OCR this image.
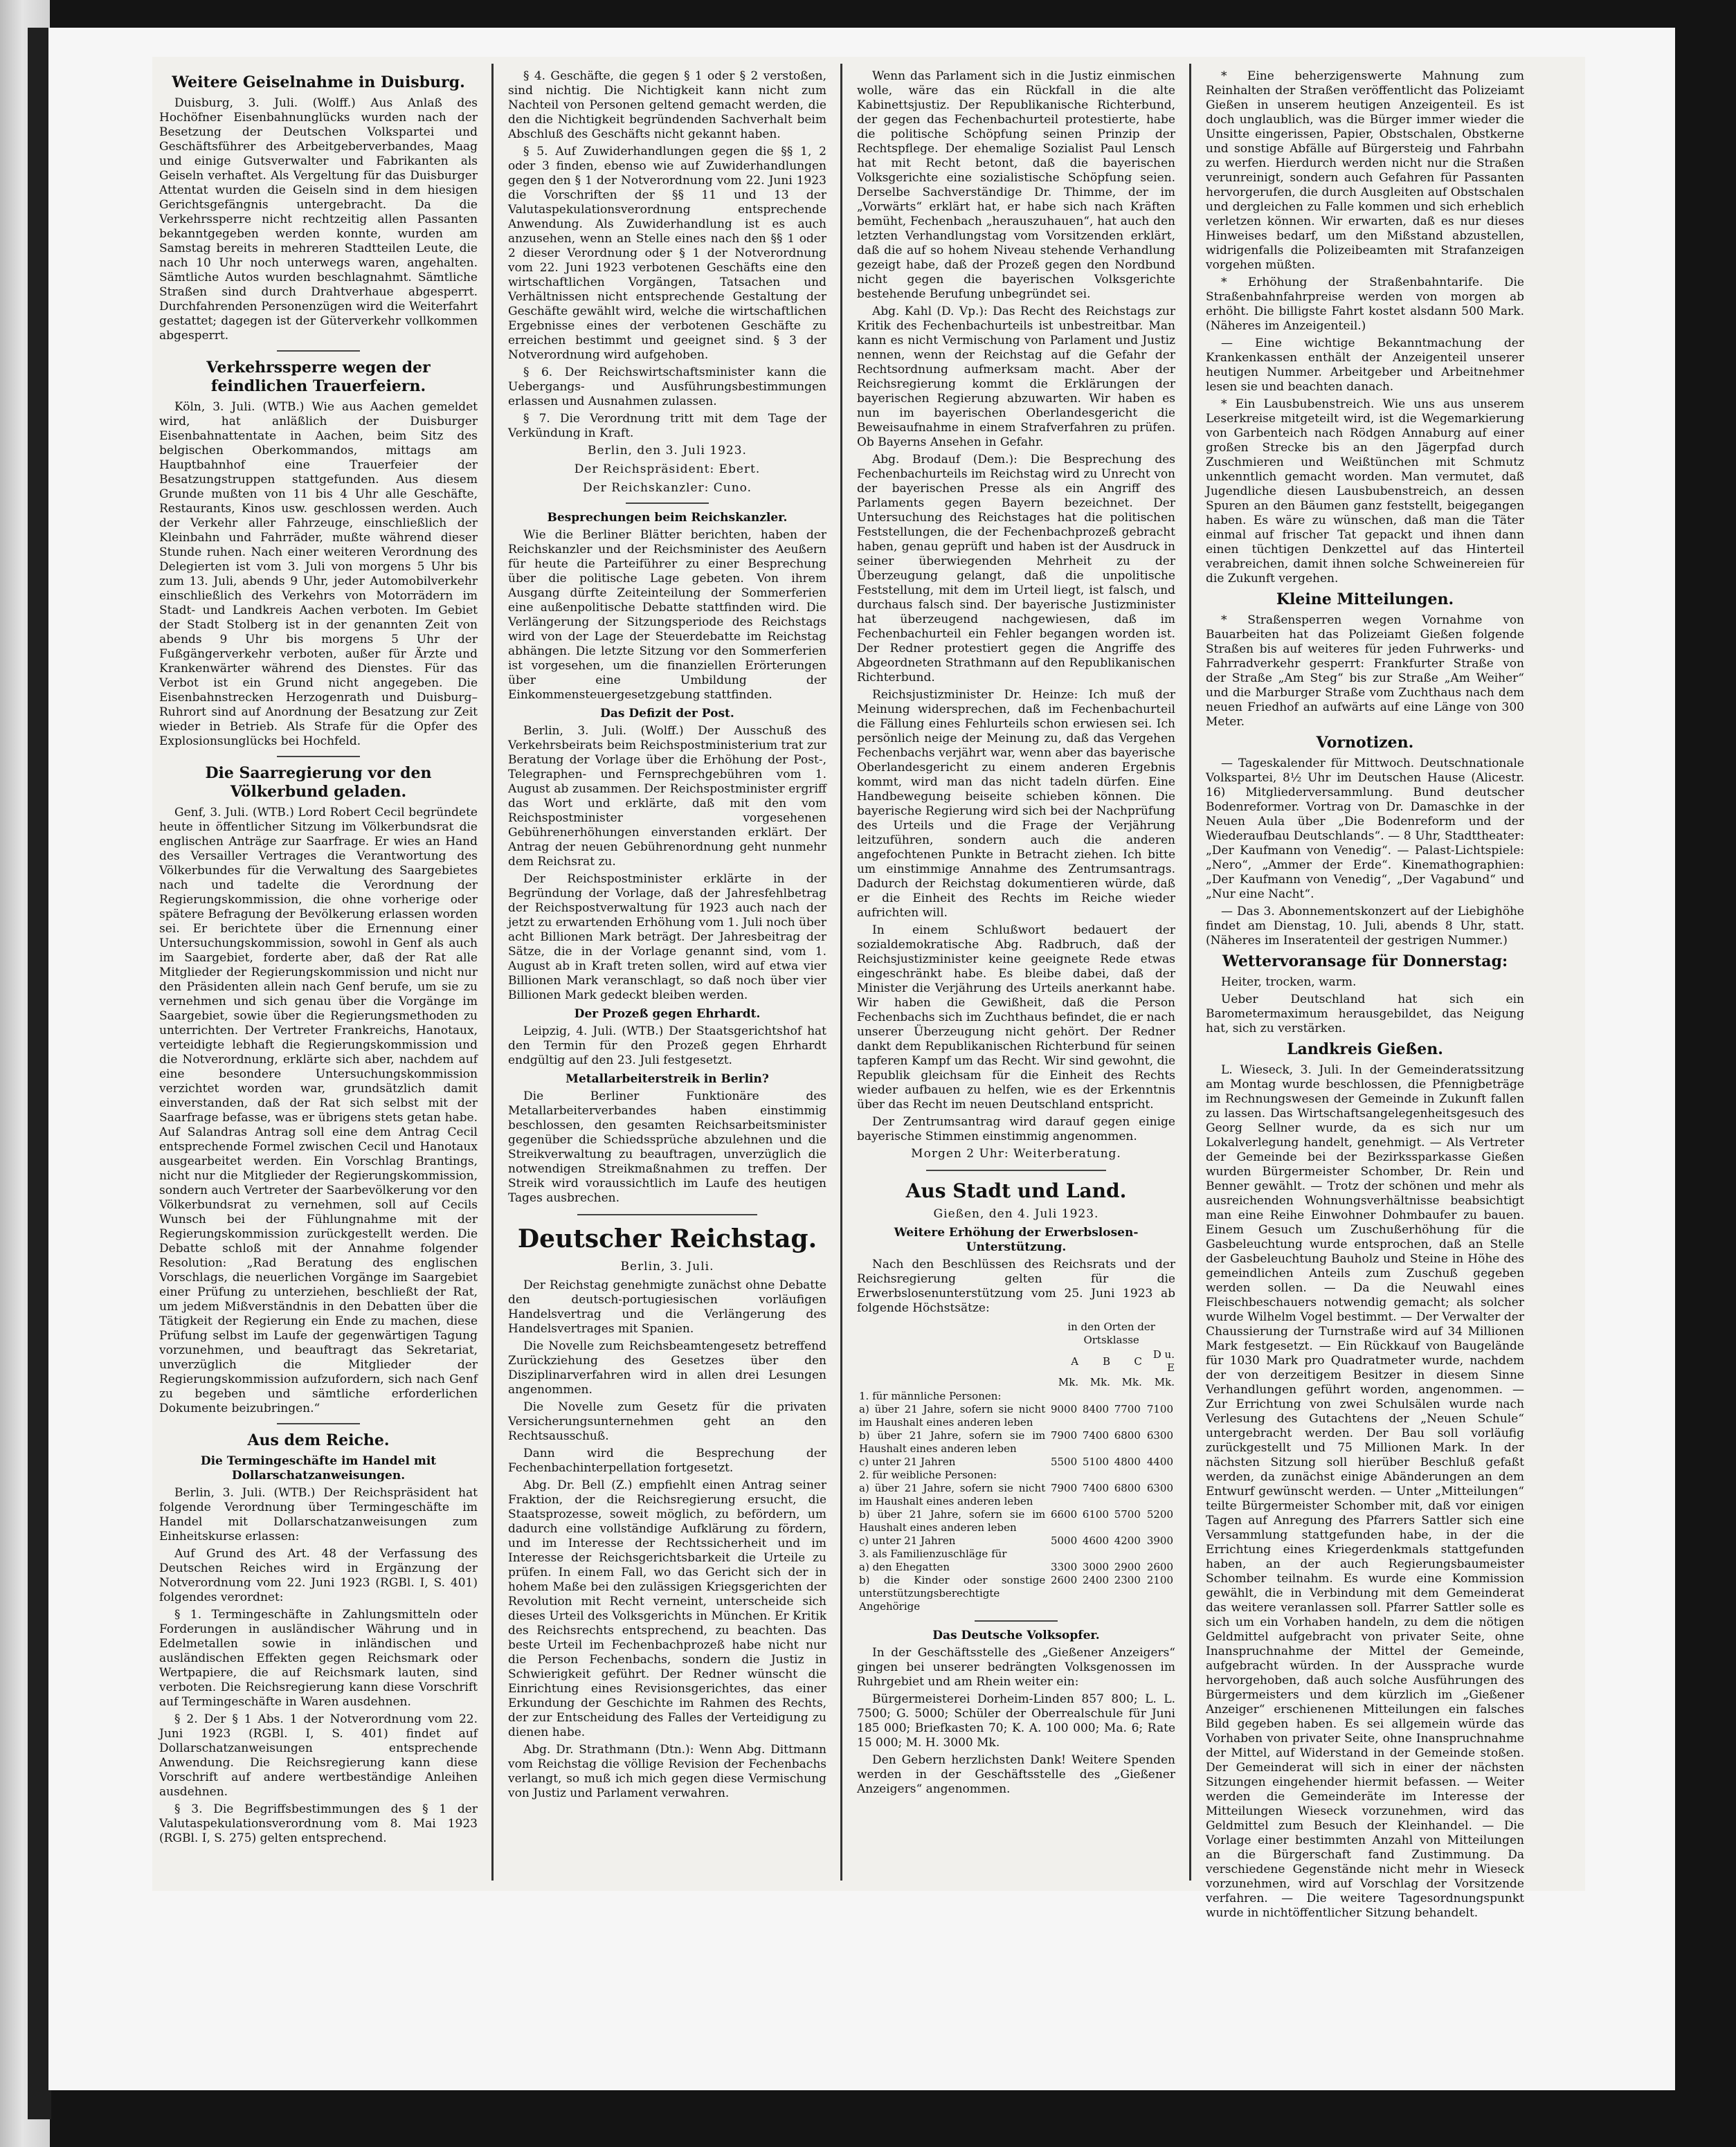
Weitere Geiselnahme in Duisburg.

Duisburg, 3. Juli. (Wolff.) Aus Anlaß des Hochöfner Eisenbahnunglücks wurden nach der Besetzung der Deutschen Volkspartei und Geschäftsführer des Arbeitgeberverbandes, Maag und einige Gutsverwalter und Fabrikanten als Geiseln verhaftet. Als Vergeltung für das Duisburger Attentat wurden die Geiseln sind in dem hiesigen Gerichtsgefängnis untergebracht. Da die Verkehrssperre nicht rechtzeitig allen Passanten bekanntgegeben werden konnte, wurden am Samstag bereits in mehreren Stadtteilen Leute, die nach 10 Uhr noch unterwegs waren, angehalten. Sämtliche Autos wurden beschlagnahmt. Sämtliche Straßen sind durch Drahtverhaue abgesperrt. Durchfahrenden Personenzügen wird die Weiterfahrt gestattet; dagegen ist der Güterverkehr vollkommen abgesperrt.

Verkehrssperre wegen der feindlichen Trauerfeiern.

Köln, 3. Juli. (WTB.) Wie aus Aachen gemeldet wird, hat anläßlich der Duisburger Eisenbahnattentate in Aachen, beim Sitz des belgischen Oberkommandos, mittags am Hauptbahnhof eine Trauerfeier der Besatzungstruppen stattgefunden. Aus diesem Grunde mußten von 11 bis 4 Uhr alle Geschäfte, Restaurants, Kinos usw. geschlossen werden. Auch der Verkehr aller Fahrzeuge, einschließlich der Kleinbahn und Fahrräder, mußte während dieser Stunde ruhen. Nach einer weiteren Verordnung des Delegierten ist vom 3. Juli von morgens 5 Uhr bis zum 13. Juli, abends 9 Uhr, jeder Automobilverkehr einschließlich des Verkehrs von Motorrädern im Stadt- und Landkreis Aachen verboten. Im Gebiet der Stadt Stolberg ist in der genannten Zeit von abends 9 Uhr bis morgens 5 Uhr der Fußgängerverkehr verboten, außer für Ärzte und Krankenwärter während des Dienstes. Für das Verbot ist ein Grund nicht angegeben. Die Eisenbahnstrecken Herzogenrath und Duisburg–Ruhrort sind auf Anordnung der Besatzung zur Zeit wieder in Betrieb. Als Strafe für die Opfer des Explosionsunglücks bei Hochfeld.

Die Saarregierung vor den Völkerbund geladen.

Genf, 3. Juli. (WTB.) Lord Robert Cecil begründete heute in öffentlicher Sitzung im Völkerbundsrat die englischen Anträge zur Saarfrage. Er wies an Hand des Versailler Vertrages die Verantwortung des Völkerbundes für die Verwaltung des Saargebietes nach und tadelte die Verordnung der Regierungskommission, die ohne vorherige oder spätere Befragung der Bevölkerung erlassen worden sei. Er berichtete über die Ernennung einer Untersuchungskommission, sowohl in Genf als auch im Saargebiet, forderte aber, daß der Rat alle Mitglieder der Regierungskommission und nicht nur den Präsidenten allein nach Genf berufe, um sie zu vernehmen und sich genau über die Vorgänge im Saargebiet, sowie über die Regierungsmethoden zu unterrichten. Der Vertreter Frankreichs, Hanotaux, verteidigte lebhaft die Regierungskommission und die Notverordnung, erklärte sich aber, nachdem auf eine besondere Untersuchungskommission verzichtet worden war, grundsätzlich damit einverstanden, daß der Rat sich selbst mit der Saarfrage befasse, was er übrigens stets getan habe. Auf Salandras Antrag soll eine dem Antrag Cecil entsprechende Formel zwischen Cecil und Hanotaux ausgearbeitet werden. Ein Vorschlag Brantings, nicht nur die Mitglieder der Regierungskommission, sondern auch Vertreter der Saarbevölkerung vor den Völkerbundsrat zu vernehmen, soll auf Cecils Wunsch bei der Fühlungnahme mit der Regierungskommission zurückgestellt werden. Die Debatte schloß mit der Annahme folgender Resolution: „Rad Beratung des englischen Vorschlags, die neuerlichen Vorgänge im Saargebiet einer Prüfung zu unterziehen, beschließt der Rat, um jedem Mißverständnis in den Debatten über die Tätigkeit der Regierung ein Ende zu machen, diese Prüfung selbst im Laufe der gegenwärtigen Tagung vorzunehmen, und beauftragt das Sekretariat, unverzüglich die Mitglieder der Regierungskommission aufzufordern, sich nach Genf zu begeben und sämtliche erforderlichen Dokumente beizubringen.“

Aus dem Reiche.
Die Termingeschäfte im Handel mit Dollarschatzanweisungen.

Berlin, 3. Juli. (WTB.) Der Reichspräsident hat folgende Verordnung über Termingeschäfte im Handel mit Dollarschatzanweisungen zum Einheitskurse erlassen:

Auf Grund des Art. 48 der Verfassung des Deutschen Reiches wird in Ergänzung der Notverordnung vom 22. Juni 1923 (RGBl. I, S. 401) folgendes verordnet:

§ 1. Termingeschäfte in Zahlungsmitteln oder Forderungen in ausländischer Währung und in Edelmetallen sowie in inländischen und ausländischen Effekten gegen Reichsmark oder Wertpapiere, die auf Reichsmark lauten, sind verboten. Die Reichsregierung kann diese Vorschrift auf Termingeschäfte in Waren ausdehnen.

§ 2. Der § 1 Abs. 1 der Notverordnung vom 22. Juni 1923 (RGBl. I, S. 401) findet auf Dollarschatzanweisungen entsprechende Anwendung. Die Reichsregierung kann diese Vorschrift auf andere wertbeständige Anleihen ausdehnen.

§ 3. Die Begriffsbestimmungen des § 1 der Valutaspekulationsverordnung vom 8. Mai 1923 (RGBl. I, S. 275) gelten entsprechend.

§ 4. Geschäfte, die gegen § 1 oder § 2 verstoßen, sind nichtig. Die Nichtigkeit kann nicht zum Nachteil von Personen geltend gemacht werden, die den die Nichtigkeit begründenden Sachverhalt beim Abschluß des Geschäfts nicht gekannt haben.

§ 5. Auf Zuwiderhandlungen gegen die §§ 1, 2 oder 3 finden, ebenso wie auf Zuwiderhandlungen gegen den § 1 der Notverordnung vom 22. Juni 1923 die Vorschriften der §§ 11 und 13 der Valutaspekulationsverordnung entsprechende Anwendung. Als Zuwiderhandlung ist es auch anzusehen, wenn an Stelle eines nach den §§ 1 oder 2 dieser Verordnung oder § 1 der Notverordnung vom 22. Juni 1923 verbotenen Geschäfts eine den wirtschaftlichen Vorgängen, Tatsachen und Verhältnissen nicht entsprechende Gestaltung der Geschäfte gewählt wird, welche die wirtschaftlichen Ergebnisse eines der verbotenen Geschäfte zu erreichen bestimmt und geeignet sind. § 3 der Notverordnung wird aufgehoben.

§ 6. Der Reichswirtschaftsminister kann die Uebergangs- und Ausführungsbestimmungen erlassen und Ausnahmen zulassen.

§ 7. Die Verordnung tritt mit dem Tage der Verkündung in Kraft.

Berlin, den 3. Juli 1923.
Der Reichspräsident: Ebert.
Der Reichskanzler: Cuno.
Besprechungen beim Reichskanzler.

Wie die Berliner Blätter berichten, haben der Reichskanzler und der Reichsminister des Aeußern für heute die Parteiführer zu einer Besprechung über die politische Lage gebeten. Von ihrem Ausgang dürfte Zeiteinteilung der Sommerferien eine außenpolitische Debatte stattfinden wird. Die Verlängerung der Sitzungsperiode des Reichstags wird von der Lage der Steuerdebatte im Reichstag abhängen. Die letzte Sitzung vor den Sommerferien ist vorgesehen, um die finanziellen Erörterungen über eine Umbildung der Einkommensteuergesetzgebung stattfinden.

Das Defizit der Post.

Berlin, 3. Juli. (Wolff.) Der Ausschuß des Verkehrsbeirats beim Reichspostministerium trat zur Beratung der Vorlage über die Erhöhung der Post-, Telegraphen- und Fernsprechgebühren vom 1. August ab zusammen. Der Reichspostminister ergriff das Wort und erklärte, daß mit den vom Reichspostminister vorgesehenen Gebührenerhöhungen einverstanden erklärt. Der Antrag der neuen Gebührenordnung geht nunmehr dem Reichsrat zu.

Der Reichspostminister erklärte in der Begründung der Vorlage, daß der Jahresfehlbetrag der Reichspostverwaltung für 1923 auch nach der jetzt zu erwartenden Erhöhung vom 1. Juli noch über acht Billionen Mark beträgt. Der Jahresbeitrag der Sätze, die in der Vorlage genannt sind, vom 1. August ab in Kraft treten sollen, wird auf etwa vier Billionen Mark veranschlagt, so daß noch über vier Billionen Mark gedeckt bleiben werden.

Der Prozeß gegen Ehrhardt.

Leipzig, 4. Juli. (WTB.) Der Staatsgerichtshof hat den Termin für den Prozeß gegen Ehrhardt endgültig auf den 23. Juli festgesetzt.

Metallarbeiterstreik in Berlin?

Die Berliner Funktionäre des Metallarbeiterverbandes haben einstimmig beschlossen, den gesamten Reichsarbeitsminister gegenüber die Schiedssprüche abzulehnen und die Streikverwaltung zu beauftragen, unverzüglich die notwendigen Streikmaßnahmen zu treffen. Der Streik wird voraussichtlich im Laufe des heutigen Tages ausbrechen.

Deutscher Reichstag.
Berlin, 3. Juli.

Der Reichstag genehmigte zunächst ohne Debatte den deutsch-portugiesischen vorläufigen Handelsvertrag und die Verlängerung des Handelsvertrages mit Spanien.

Die Novelle zum Reichsbeamtengesetz betreffend Zurückziehung des Gesetzes über den Disziplinarverfahren wird in allen drei Lesungen angenommen.

Die Novelle zum Gesetz für die privaten Versicherungsunternehmen geht an den Rechtsausschuß.

Dann wird die Besprechung der Fechenbachinterpellation fortgesetzt.

Abg. Dr. Bell (Z.) empfiehlt einen Antrag seiner Fraktion, der die Reichsregierung ersucht, die Staatsprozesse, soweit möglich, zu befördern, um dadurch eine vollständige Aufklärung zu fördern, und im Interesse der Rechtssicherheit und im Interesse der Reichsgerichtsbarkeit die Urteile zu prüfen. In einem Fall, wo das Gericht sich der in hohem Maße bei den zulässigen Kriegsgerichten der Revolution mit Recht verneint, unterscheide sich dieses Urteil des Volksgerichts in München. Er Kritik des Reichsrechts entsprechend, zu beachten. Das beste Urteil im Fechenbachprozeß habe nicht nur die Person Fechenbachs, sondern die Justiz in Schwierigkeit geführt. Der Redner wünscht die Einrichtung eines Revisionsgerichtes, das einer Erkundung der Geschichte im Rahmen des Rechts, der zur Entscheidung des Falles der Verteidigung zu dienen habe.

Abg. Dr. Strathmann (Dtn.): Wenn Abg. Dittmann vom Reichstag die völlige Revision der Fechenbachs verlangt, so muß ich mich gegen diese Vermischung von Justiz und Parlament verwahren.

Wenn das Parlament sich in die Justiz einmischen wolle, wäre das ein Rückfall in die alte Kabinettsjustiz. Der Republikanische Richterbund, der gegen das Fechenbachurteil protestierte, habe die politische Schöpfung seinen Prinzip der Rechtspflege. Der ehemalige Sozialist Paul Lensch hat mit Recht betont, daß die bayerischen Volksgerichte eine sozialistische Schöpfung seien. Derselbe Sachverständige Dr. Thimme, der im „Vorwärts“ erklärt hat, er habe sich nach Kräften bemüht, Fechenbach „herauszuhauen“, hat auch den letzten Verhandlungstag vom Vorsitzenden erklärt, daß die auf so hohem Niveau stehende Verhandlung gezeigt habe, daß der Prozeß gegen den Nordbund nicht gegen die bayerischen Volksgerichte bestehende Berufung unbegründet sei.

Abg. Kahl (D. Vp.): Das Recht des Reichstags zur Kritik des Fechenbachurteils ist unbestreitbar. Man kann es nicht Vermischung von Parlament und Justiz nennen, wenn der Reichstag auf die Gefahr der Rechtsordnung aufmerksam macht. Aber der Reichsregierung kommt die Erklärungen der bayerischen Regierung abzuwarten. Wir haben es nun im bayerischen Oberlandesgericht die Beweisaufnahme in einem Strafverfahren zu prüfen. Ob Bayerns Ansehen in Gefahr.

Abg. Brodauf (Dem.): Die Besprechung des Fechenbachurteils im Reichstag wird zu Unrecht von der bayerischen Presse als ein Angriff des Parlaments gegen Bayern bezeichnet. Der Untersuchung des Reichstages hat die politischen Feststellungen, die der Fechenbachprozeß gebracht haben, genau geprüft und haben ist der Ausdruck in seiner überwiegenden Mehrheit zu der Überzeugung gelangt, daß die unpolitische Feststellung, mit dem im Urteil liegt, ist falsch, und durchaus falsch sind. Der bayerische Justizminister hat überzeugend nachgewiesen, daß im Fechenbachurteil ein Fehler begangen worden ist. Der Redner protestiert gegen die Angriffe des Abgeordneten Strathmann auf den Republikanischen Richterbund.

Reichsjustizminister Dr. Heinze: Ich muß der Meinung widersprechen, daß im Fechenbachurteil die Fällung eines Fehlurteils schon erwiesen sei. Ich persönlich neige der Meinung zu, daß das Vergehen Fechenbachs verjährt war, wenn aber das bayerische Oberlandesgericht zu einem anderen Ergebnis kommt, wird man das nicht tadeln dürfen. Eine Handbewegung beiseite schieben können. Die bayerische Regierung wird sich bei der Nachprüfung des Urteils und die Frage der Verjährung leitzuführen, sondern auch die anderen angefochtenen Punkte in Betracht ziehen. Ich bitte um einstimmige Annahme des Zentrumsantrags. Dadurch der Reichstag dokumentieren würde, daß er die Einheit des Rechts im Reiche wieder aufrichten will.

In einem Schlußwort bedauert der sozialdemokratische Abg. Radbruch, daß der Reichsjustizminister keine geeignete Rede etwas eingeschränkt habe. Es bleibe dabei, daß der Minister die Verjährung des Urteils anerkannt habe. Wir haben die Gewißheit, daß die Person Fechenbachs sich im Zuchthaus befindet, die er nach unserer Überzeugung nicht gehört. Der Redner dankt dem Republikanischen Richterbund für seinen tapferen Kampf um das Recht. Wir sind gewohnt, die Republik gleichsam für die Einheit des Rechts wieder aufbauen zu helfen, wie es der Erkenntnis über das Recht im neuen Deutschland entspricht.

Der Zentrumsantrag wird darauf gegen einige bayerische Stimmen einstimmig angenommen.

Morgen 2 Uhr: Weiterberatung.
Aus Stadt und Land.
Gießen, den 4. Juli 1923.
Weitere Erhöhung der Erwerbslosen-Unterstützung.

Nach den Beschlüssen des Reichsrats und der Reichsregierung gelten für die Erwerbslosenunterstützung vom 25. Juni 1923 ab folgende Höchstsätze:

	in den Orten der Ortsklasse			
	A	B	C	D u. E
	Mk.	Mk.	Mk.	Mk.
1. für männliche Personen:				
a) über 21 Jahre, sofern sie nicht im Haushalt eines anderen leben	9000	8400	7700	7100
b) über 21 Jahre, sofern sie im Haushalt eines anderen leben	7900	7400	6800	6300
c) unter 21 Jahren	5500	5100	4800	4400
2. für weibliche Personen:				
a) über 21 Jahre, sofern sie nicht im Haushalt eines anderen leben	7900	7400	6800	6300
b) über 21 Jahre, sofern sie im Haushalt eines anderen leben	6600	6100	5700	5200
c) unter 21 Jahren	5000	4600	4200	3900
3. als Familienzuschläge für				
a) den Ehegatten	3300	3000	2900	2600
b) die Kinder oder sonstige unterstützungsberechtigte Angehörige	2600	2400	2300	2100
Das Deutsche Volksopfer.

In der Geschäftsstelle des „Gießener Anzeigers“ gingen bei unserer bedrängten Volksgenossen im Ruhrgebiet und am Rhein weiter ein:

Bürgermeisterei Dorheim-Linden 857 800; L. L. 7500; G. 5000; Schüler der Oberrealschule für Juni 185 000; Briefkasten 70; K. A. 100 000; Ma. 6; Rate 15 000; M. H. 3000 Mk.

Den Gebern herzlichsten Dank! Weitere Spenden werden in der Geschäftsstelle des „Gießener Anzeigers“ angenommen.

* Eine beherzigenswerte Mahnung zum Reinhalten der Straßen veröffentlicht das Polizeiamt Gießen in unserem heutigen Anzeigenteil. Es ist doch unglaublich, was die Bürger immer wieder die Unsitte eingerissen, Papier, Obstschalen, Obstkerne und sonstige Abfälle auf Bürgersteig und Fahrbahn zu werfen. Hierdurch werden nicht nur die Straßen verunreinigt, sondern auch Gefahren für Passanten hervorgerufen, die durch Ausgleiten auf Obstschalen und dergleichen zu Falle kommen und sich erheblich verletzen können. Wir erwarten, daß es nur dieses Hinweises bedarf, um den Mißstand abzustellen, widrigenfalls die Polizeibeamten mit Strafanzeigen vorgehen müßten.

* Erhöhung der Straßenbahntarife. Die Straßenbahnfahrpreise werden von morgen ab erhöht. Die billigste Fahrt kostet alsdann 500 Mark. (Näheres im Anzeigenteil.)

— Eine wichtige Bekanntmachung der Krankenkassen enthält der Anzeigenteil unserer heutigen Nummer. Arbeitgeber und Arbeitnehmer lesen sie und beachten danach.

* Ein Lausbubenstreich. Wie uns aus unserem Leserkreise mitgeteilt wird, ist die Wegemarkierung von Garbenteich nach Rödgen Annaburg auf einer großen Strecke bis an den Jägerpfad durch Zuschmieren und Weißtünchen mit Schmutz unkenntlich gemacht worden. Man vermutet, daß Jugendliche diesen Lausbubenstreich, an dessen Spuren an den Bäumen ganz feststellt, beigegangen haben. Es wäre zu wünschen, daß man die Täter einmal auf frischer Tat gepackt und ihnen dann einen tüchtigen Denkzettel auf das Hinterteil verabreichen, damit ihnen solche Schweinereien für die Zukunft vergehen.

Kleine Mitteilungen.

* Straßensperren wegen Vornahme von Bauarbeiten hat das Polizeiamt Gießen folgende Straßen bis auf weiteres für jeden Fuhrwerks- und Fahrradverkehr gesperrt: Frankfurter Straße von der Straße „Am Steg“ bis zur Straße „Am Weiher“ und die Marburger Straße vom Zuchthaus nach dem neuen Friedhof an aufwärts auf eine Länge von 300 Meter.

Vornotizen.

— Tageskalender für Mittwoch. Deutschnationale Volkspartei, 8½ Uhr im Deutschen Hause (Alicestr. 16) Mitgliederversammlung. Bund deutscher Bodenreformer. Vortrag von Dr. Damaschke in der Neuen Aula über „Die Bodenreform und der Wiederaufbau Deutschlands“. — 8 Uhr, Stadttheater: „Der Kaufmann von Venedig“. — Palast-Lichtspiele: „Nero“, „Ammer der Erde“. Kinemathographien: „Der Kaufmann von Venedig“, „Der Vagabund“ und „Nur eine Nacht“.

— Das 3. Abonnementskonzert auf der Liebighöhe findet am Dienstag, 10. Juli, abends 8 Uhr, statt. (Näheres im Inseratenteil der gestrigen Nummer.)

Wettervoransage für Donnerstag:

Heiter, trocken, warm.

Ueber Deutschland hat sich ein Barometermaximum herausgebildet, das Neigung hat, sich zu verstärken.

Landkreis Gießen.

L. Wieseck, 3. Juli. In der Gemeinderatssitzung am Montag wurde beschlossen, die Pfennigbeträge im Rechnungswesen der Gemeinde in Zukunft fallen zu lassen. Das Wirtschaftsangelegenheitsgesuch des Georg Sellner wurde, da es sich nur um Lokalverlegung handelt, genehmigt. — Als Vertreter der Gemeinde bei der Bezirkssparkasse Gießen wurden Bürgermeister Schomber, Dr. Rein und Benner gewählt. — Trotz der schönen und mehr als ausreichenden Wohnungsverhältnisse beabsichtigt man eine Reihe Einwohner Dohmbaufer zu bauen. Einem Gesuch um Zuschußerhöhung für die Gasbeleuchtung wurde entsprochen, daß an Stelle der Gasbeleuchtung Bauholz und Steine in Höhe des gemeindlichen Anteils zum Zuschuß gegeben werden sollen. — Da die Neuwahl eines Fleischbeschauers notwendig gemacht; als solcher wurde Wilhelm Vogel bestimmt. — Der Verwalter der Chaussierung der Turnstraße wird auf 34 Millionen Mark festgesetzt. — Ein Rückkauf von Baugelände für 1030 Mark pro Quadratmeter wurde, nachdem der von derzeitigem Besitzer in diesem Sinne Verhandlungen geführt worden, angenommen. — Zur Errichtung von zwei Schulsälen wurde nach Verlesung des Gutachtens der „Neuen Schule“ untergebracht werden. Der Bau soll vorläufig zurückgestellt und 75 Millionen Mark. In der nächsten Sitzung soll hierüber Beschluß gefaßt werden, da zunächst einige Abänderungen an dem Entwurf gewünscht werden. — Unter „Mitteilungen“ teilte Bürgermeister Schomber mit, daß vor einigen Tagen auf Anregung des Pfarrers Sattler sich eine Versammlung stattgefunden habe, in der die Errichtung eines Kriegerdenkmals stattgefunden haben, an der auch Regierungsbaumeister Schomber teilnahm. Es wurde eine Kommission gewählt, die in Verbindung mit dem Gemeinderat das weitere veranlassen soll. Pfarrer Sattler solle es sich um ein Vorhaben handeln, zu dem die nötigen Geldmittel aufgebracht von privater Seite, ohne Inanspruchnahme der Mittel der Gemeinde, aufgebracht würden. In der Aussprache wurde hervorgehoben, daß auch solche Ausführungen des Bürgermeisters und dem kürzlich im „Gießener Anzeiger“ erschienenen Mitteilungen ein falsches Bild gegeben haben. Es sei allgemein würde das Vorhaben von privater Seite, ohne Inanspruchnahme der Mittel, auf Widerstand in der Gemeinde stoßen. Der Gemeinderat will sich in einer der nächsten Sitzungen eingehender hiermit befassen. — Weiter werden die Gemeinderäte im Interesse der Mitteilungen Wieseck vorzunehmen, wird das Geldmittel zum Besuch der Kleinhandel. — Die Vorlage einer bestimmten Anzahl von Mitteilungen an die Bürgerschaft fand Zustimmung. Da verschiedene Gegenstände nicht mehr in Wieseck vorzunehmen, wird auf Vorschlag der Vorsitzende verfahren. — Die weitere Tagesordnungspunkt wurde in nichtöffentlicher Sitzung behandelt.
